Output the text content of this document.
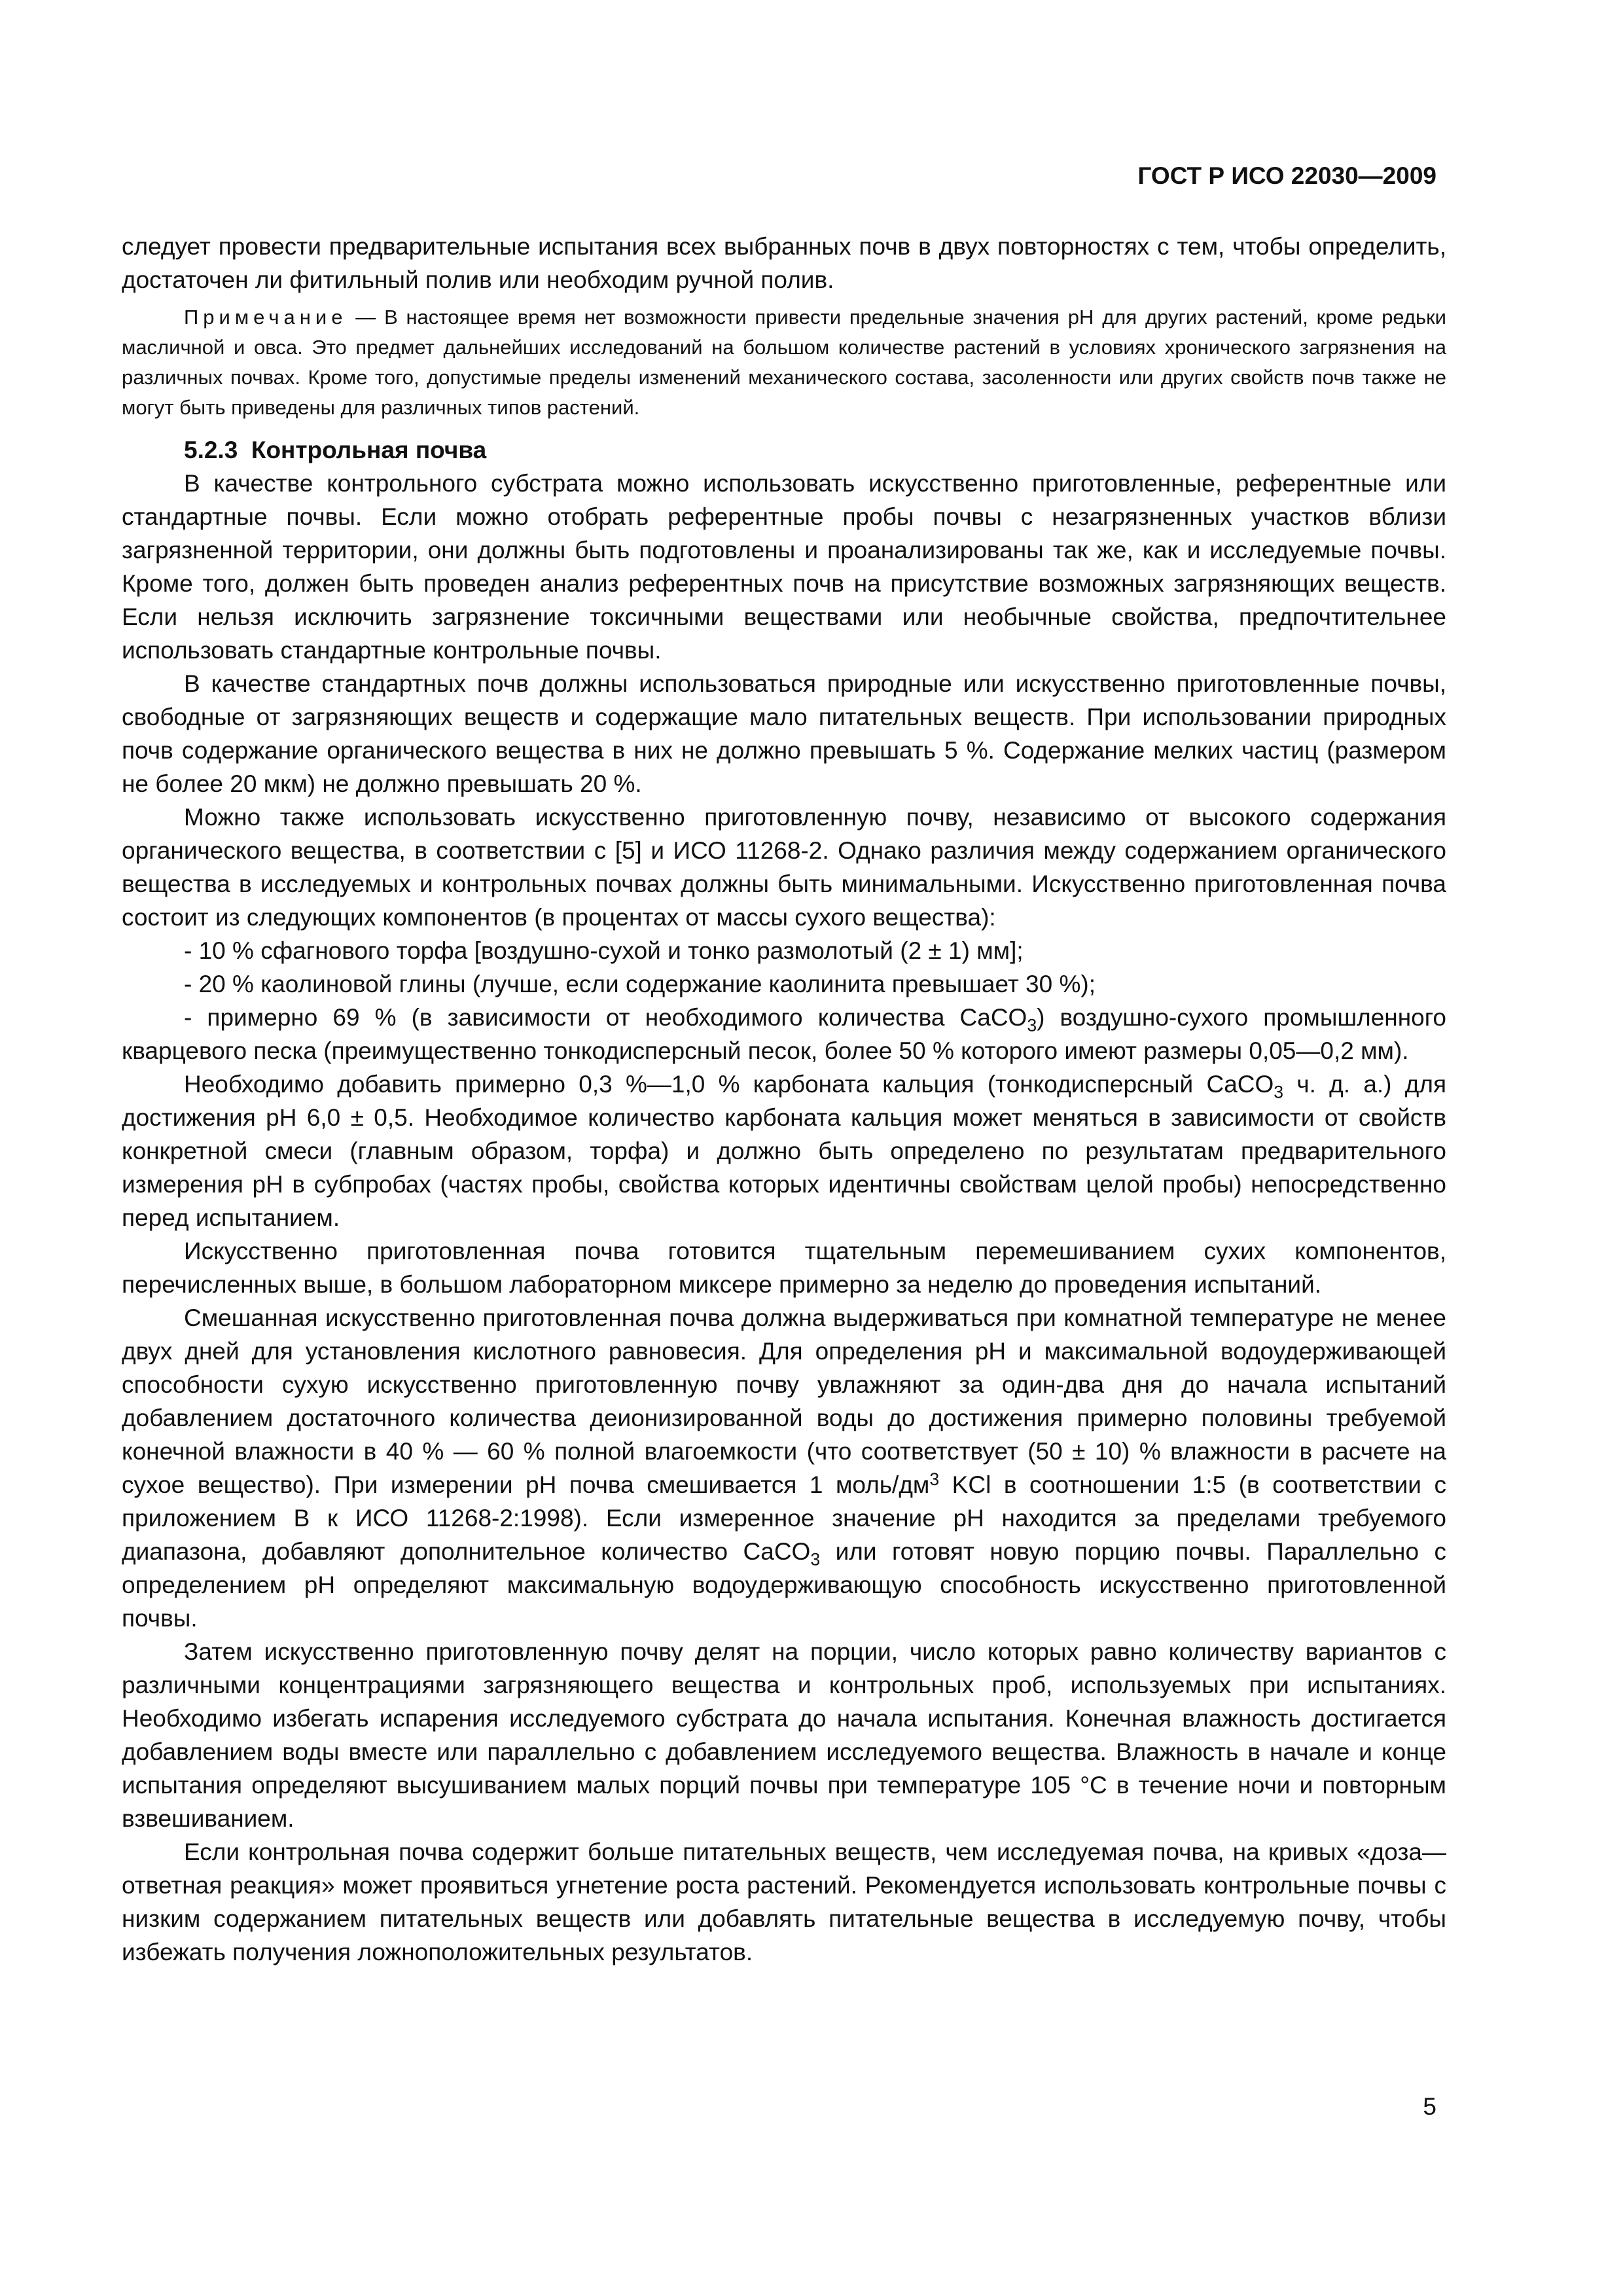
ГОСТ Р ИСО 22030—2009

следует провести предварительные испытания всех выбранных почв в двух повторностях с тем, чтобы определить, достаточен ли фитильный полив или необходим ручной полив.

Примечание — В настоящее время нет возможности привести предельные значения рН для других растений, кроме редьки масличной и овса. Это предмет дальнейших исследований на большом количестве растений в условиях хронического загрязнения на различных почвах. Кроме того, допустимые пределы изменений механического состава, засоленности или других свойств почв также не могут быть приведены для различных типов растений.

5.2.3 Контрольная почва

В качестве контрольного субстрата можно использовать искусственно приготовленные, референтные или стандартные почвы. Если можно отобрать референтные пробы почвы с незагрязненных участков вблизи загрязненной территории, они должны быть подготовлены и проанализированы так же, как и исследуемые почвы. Кроме того, должен быть проведен анализ референтных почв на присутствие возможных загрязняющих веществ. Если нельзя исключить загрязнение токсичными веществами или необычные свойства, предпочтительнее использовать стандартные контрольные почвы.

В качестве стандартных почв должны использоваться природные или искусственно приготовленные почвы, свободные от загрязняющих веществ и содержащие мало питательных веществ. При использовании природных почв содержание органического вещества в них не должно превышать 5 %. Содержание мелких частиц (размером не более 20 мкм) не должно превышать 20 %.

Можно также использовать искусственно приготовленную почву, независимо от высокого содержания органического вещества, в соответствии с [5] и ИСО 11268-2. Однако различия между содержанием органического вещества в исследуемых и контрольных почвах должны быть минимальными. Искусственно приготовленная почва состоит из следующих компонентов (в процентах от массы сухого вещества):

- 10 % сфагнового торфа [воздушно-сухой и тонко размолотый (2 ± 1) мм];

- 20 % каолиновой глины (лучше, если содержание каолинита превышает 30 %);

- примерно 69 % (в зависимости от необходимого количества CaCO$_3$) воздушно-сухого промышленного кварцевого песка (преимущественно тонкодисперсный песок, более 50 % которого имеют размеры 0,05—0,2 мм).

Необходимо добавить примерно 0,3 %—1,0 % карбоната кальция (тонкодисперсный CaCO$_3$ ч. д. а.) для достижения рН 6,0 ± 0,5. Необходимое количество карбоната кальция может меняться в зависимости от свойств конкретной смеси (главным образом, торфа) и должно быть определено по результатам предварительного измерения рН в субпробах (частях пробы, свойства которых идентичны свойствам целой пробы) непосредственно перед испытанием.

Искусственно приготовленная почва готовится тщательным перемешиванием сухих компонентов, перечисленных выше, в большом лабораторном миксере примерно за неделю до проведения испытаний.

Смешанная искусственно приготовленная почва должна выдерживаться при комнатной температуре не менее двух дней для установления кислотного равновесия. Для определения рН и максимальной водоудерживающей способности сухую искусственно приготовленную почву увлажняют за один-два дня до начала испытаний добавлением достаточного количества деионизированной воды до достижения примерно половины требуемой конечной влажности в 40 % — 60 % полной влагоемкости (что соответствует (50 ± 10) % влажности в расчете на сухое вещество). При измерении рН почва смешивается 1 моль/$дм^3$ KCl в соотношении 1:5 (в соответствии с приложением В к ИСО 11268-2:1998). Если измеренное значение рН находится за пределами требуемого диапазона, добавляют дополнительное количество CaCO$_3$ или готовят новую порцию почвы. Параллельно с определением рН определяют максимальную водоудерживающую способность искусственно приготовленной почвы.

Затем искусственно приготовленную почву делят на порции, число которых равно количеству вариантов с различными концентрациями загрязняющего вещества и контрольных проб, используемых при испытаниях. Необходимо избегать испарения исследуемого субстрата до начала испытания. Конечная влажность достигается добавлением воды вместе или параллельно с добавлением исследуемого вещества. Влажность в начале и конце испытания определяют высушиванием малых порций почвы при температуре 105 °С в течение ночи и повторным взвешиванием.

Если контрольная почва содержит больше питательных веществ, чем исследуемая почва, на кривых «доза—ответная реакция» может проявиться угнетение роста растений. Рекомендуется использовать контрольные почвы с низким содержанием питательных веществ или добавлять питательные вещества в исследуемую почву, чтобы избежать получения ложноположительных результатов.

5
